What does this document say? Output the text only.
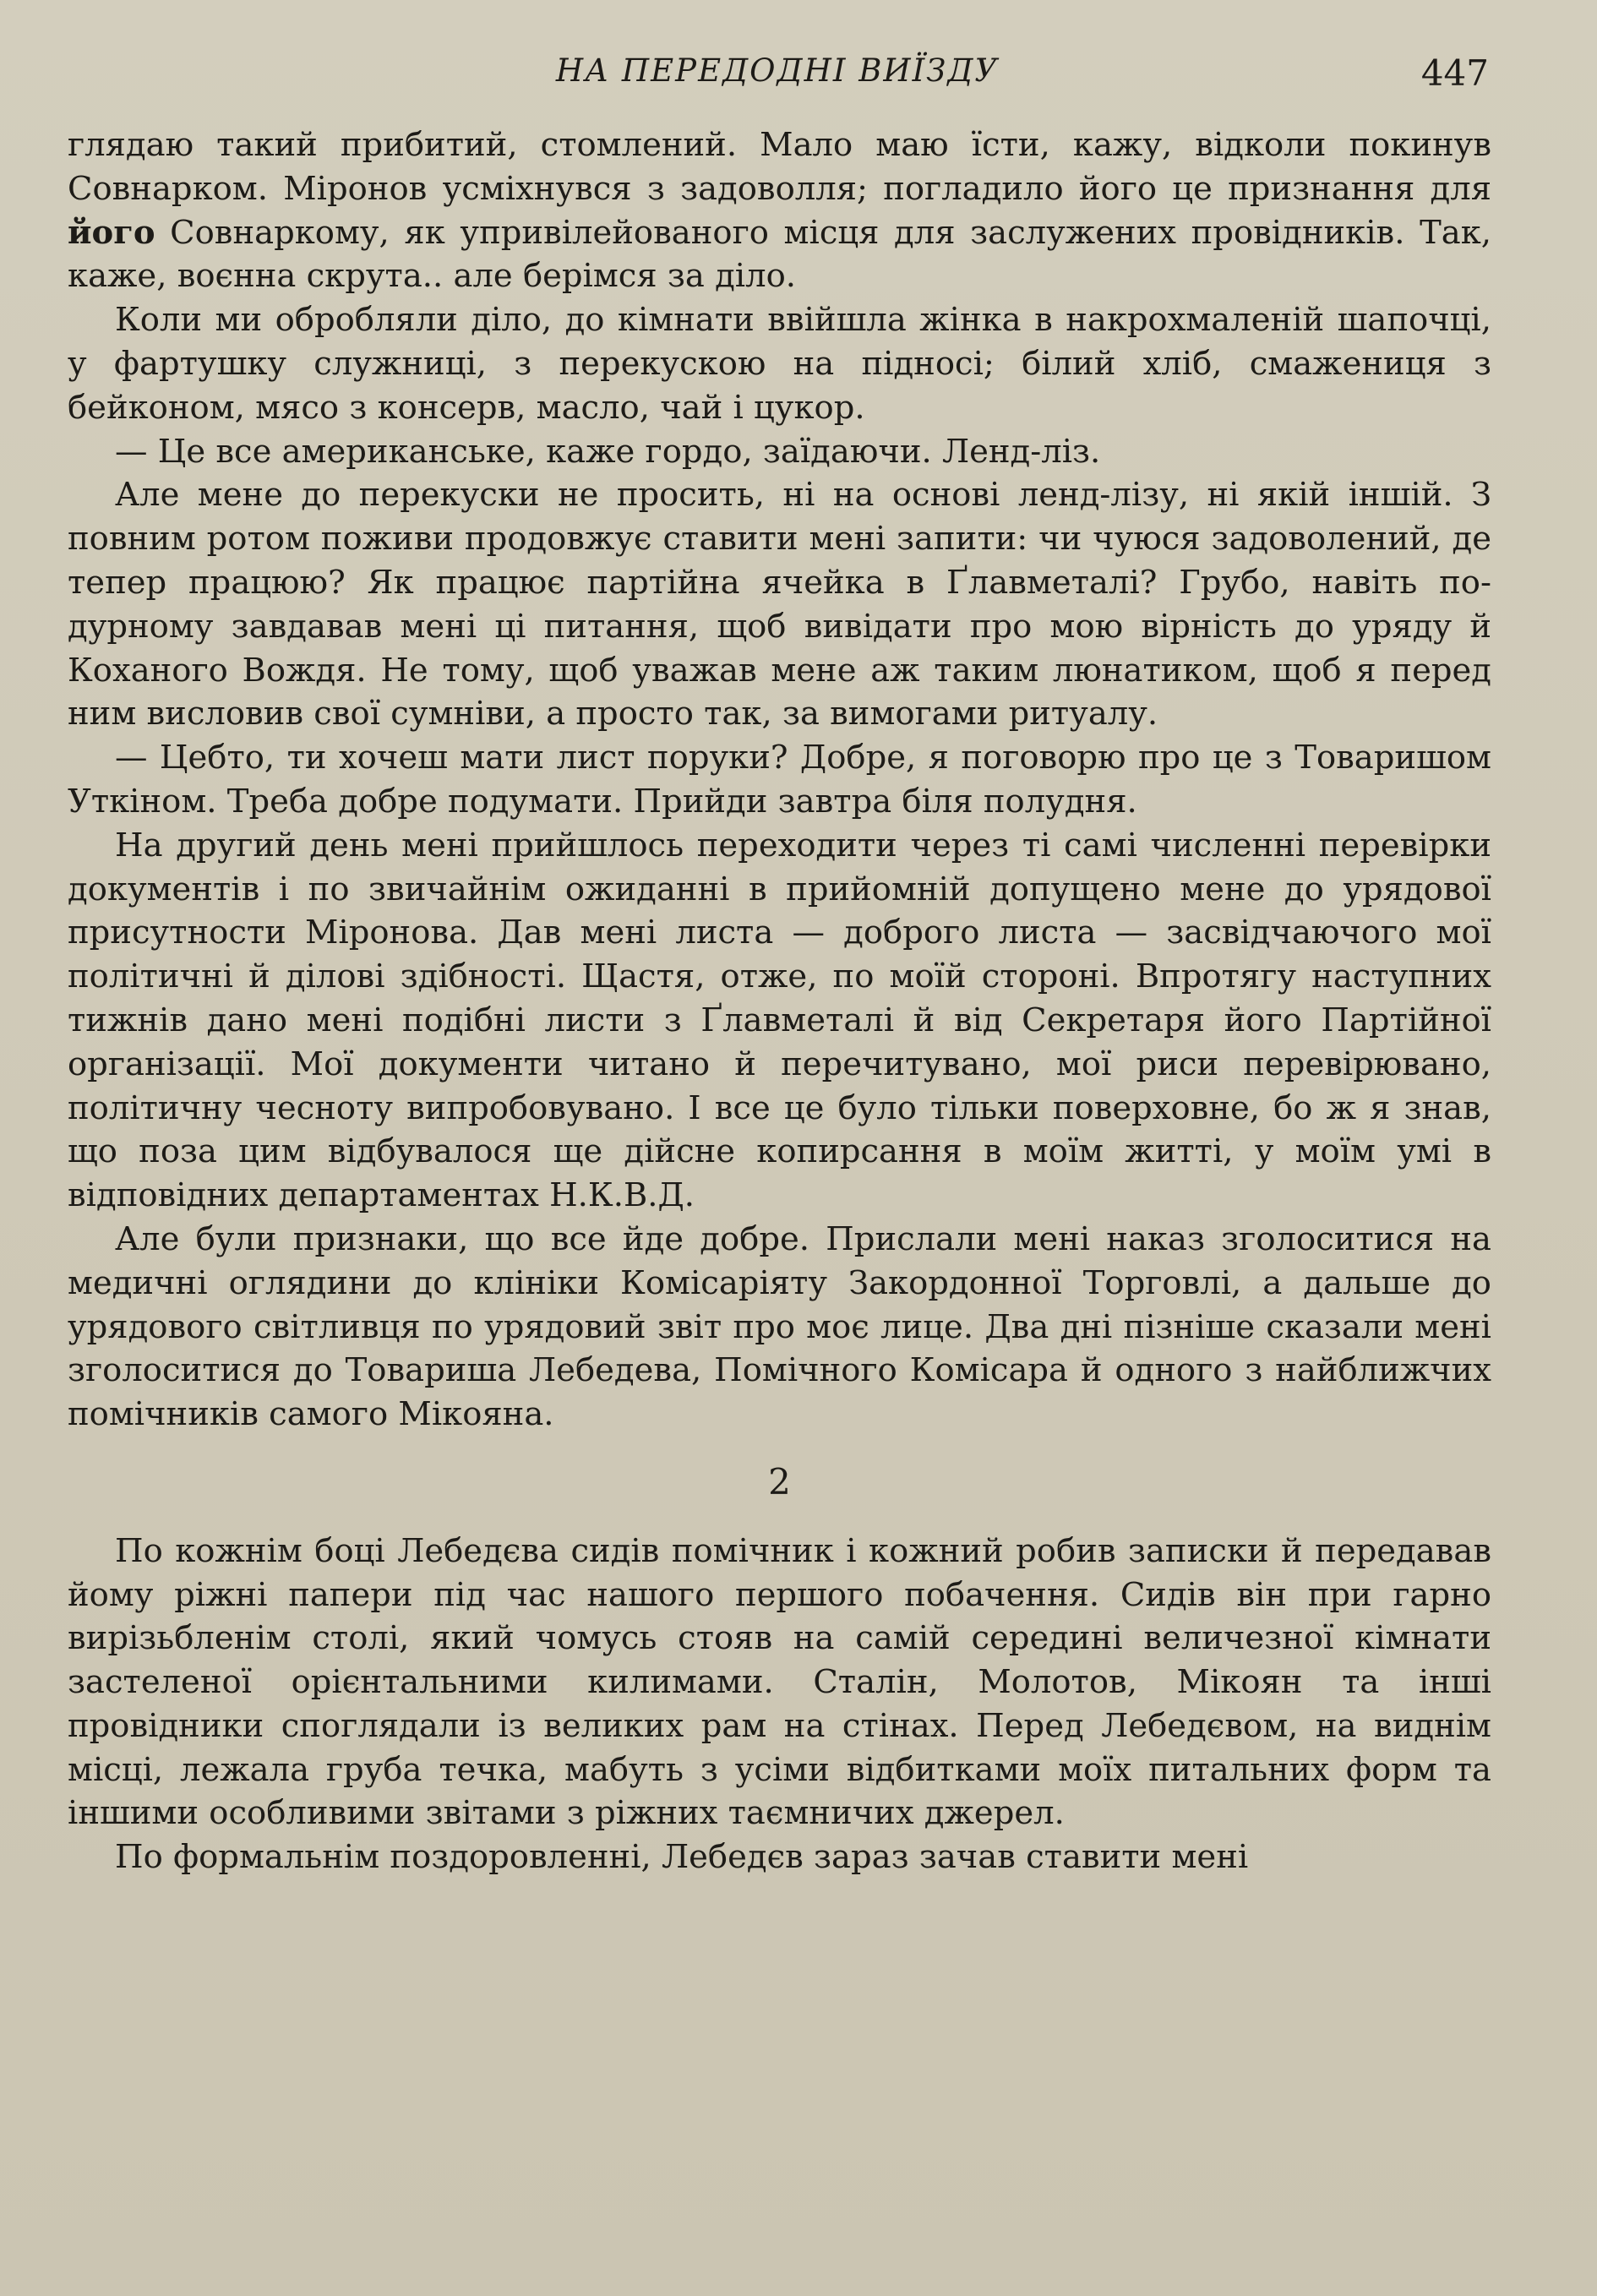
НА ПЕРЕДОДНІ ВИЇЗДУ	447

глядаю такий прибитий, стомлений. Мало маю їсти, кажу, відколи покинув Совнарком. Міронов усміхнувся з задоволля; погладило його це признання для його Совнаркому, як упривілейованого місця для заслужених провідників. Так, каже, воєнна скрута.. але берімся за діло.

Коли ми обробляли діло, до кімнати ввійшла жінка в накрохмаленій шапочці, у фартушку служниці, з перекускою на підносі; білий хліб, смажениця з бейконом, мясо з консерв, масло, чай і цукор.

— Це все американське, каже гордо, заїдаючи. Ленд-ліз.

Але мене до перекуски не просить, ні на основі ленд-лізу, ні якій іншій. З повним ротом поживи продовжує ставити мені запити: чи чуюся задоволений, де тепер працюю? Як працює партійна ячейка в Ґлавметалі? Грубо, навіть по-дурному завдавав мені ці питання, щоб вивідати про мою вірність до уряду й Коханого Вождя. Не тому, щоб уважав мене аж таким люнатиком, щоб я перед ним висловив свої сумніви, а просто так, за вимогами ритуалу.

— Цебто, ти хочеш мати лист поруки? Добре, я поговорю про це з Товаришом Уткіном. Треба добре подумати. Прийди завтра біля полудня.

На другий день мені прийшлось переходити через ті самі численні перевірки документів і по звичайнім ожиданні в прийомній допущено мене до урядової присутности Міронова. Дав мені листа — доброго листа — засвідчаючого мої політичні й ділові здібності. Щастя, отже, по моїй стороні. Впротягу наступних тижнів дано мені подібні листи з Ґлавметалі й від Секретаря його Партійної організації. Мої документи читано й перечитувано, мої риси перевірювано, політичну чесноту випробовувано. І все це було тільки поверховне, бо ж я знав, що поза цим відбувалося ще дійсне копирсання в моїм житті, у моїм умі в відповідних департаментах Н.К.В.Д.

Але були признаки, що все йде добре. Прислали мені наказ зголоситися на медичні оглядини до клініки Комісаріяту Закордонної Торговлі, а дальше до урядового світливця по урядовий звіт про моє лице. Два дні пізніше сказали мені зголоситися до Товариша Лебедева, Помічного Комісара й одного з найближчих помічників самого Мікояна.

2

По кожнім боці Лебедєва сидів помічник і кожний робив записки й передавав йому ріжні папери під час нашого першого побачення. Сидів він при гарно вирізьбленім столі, який чомусь стояв на самій середині величезної кімнати застеленої орієнтальними килимами. Сталін, Молотов, Мікоян та інші провідники споглядали із великих рам на стінах. Перед Лебедєвом, на виднім місці, лежала груба течка, мабуть з усіми відбитками моїх питальних форм та іншими особливими звітами з ріжних таємничих джерел.

По формальнім поздоровленні, Лебедєв зараз зачав ставити мені
